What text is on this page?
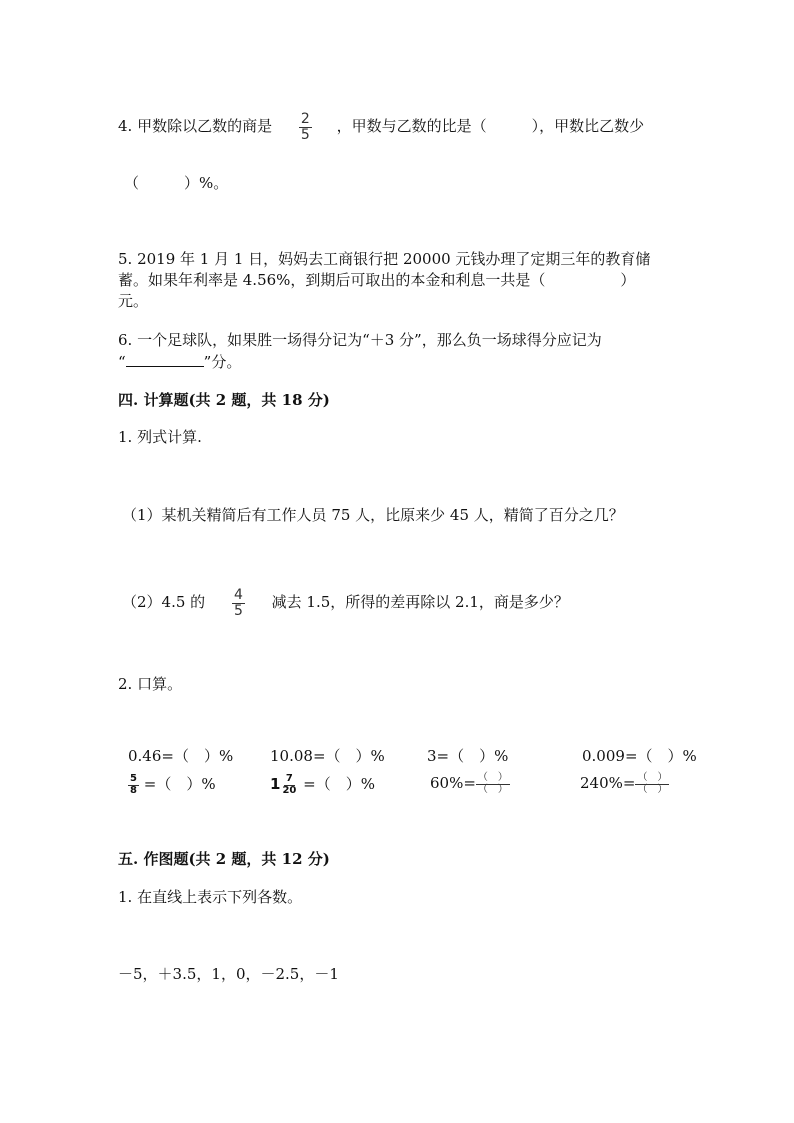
4. 甲数除以乙数的商是 $\frac{2}{5}$ ，甲数与乙数的比是（　　　），甲数比乙数少
（　　　）%。
5. 2019 年 1 月 1 日，妈妈去工商银行把 20000 元钱办理了定期三年的教育储
蓄。如果年利率是 4.56%，到期后可取出的本金和利息一共是（　　　　　）
元。
6. 一个足球队，如果胜一场得分记为“＋3 分”，那么负一场球得分应记为
“	”分。
四. 计算题(共 2 题，共 18 分)
1. 列式计算.
（1）某机关精简后有工作人员 75 人，比原来少 45 人，精简了百分之几？
（2）4.5 的 $\frac{4}{5}$ 减去 1.5，所得的差再除以 2.1，商是多少？
2. 口算。
0.46=（　）% 10.08=（　）%	3=（　）%	0.009=（　）%
$\frac{5}{8}$ =（　）%	$1 \frac{7}{20}$ =（　）%	$60\%= \frac{( )}{( )}$	$240\%= \frac{( )}{( )}$
五. 作图题(共 2 题，共 12 分)
1. 在直线上表示下列各数。
－5，＋3.5，1，0，－2.5，－1
